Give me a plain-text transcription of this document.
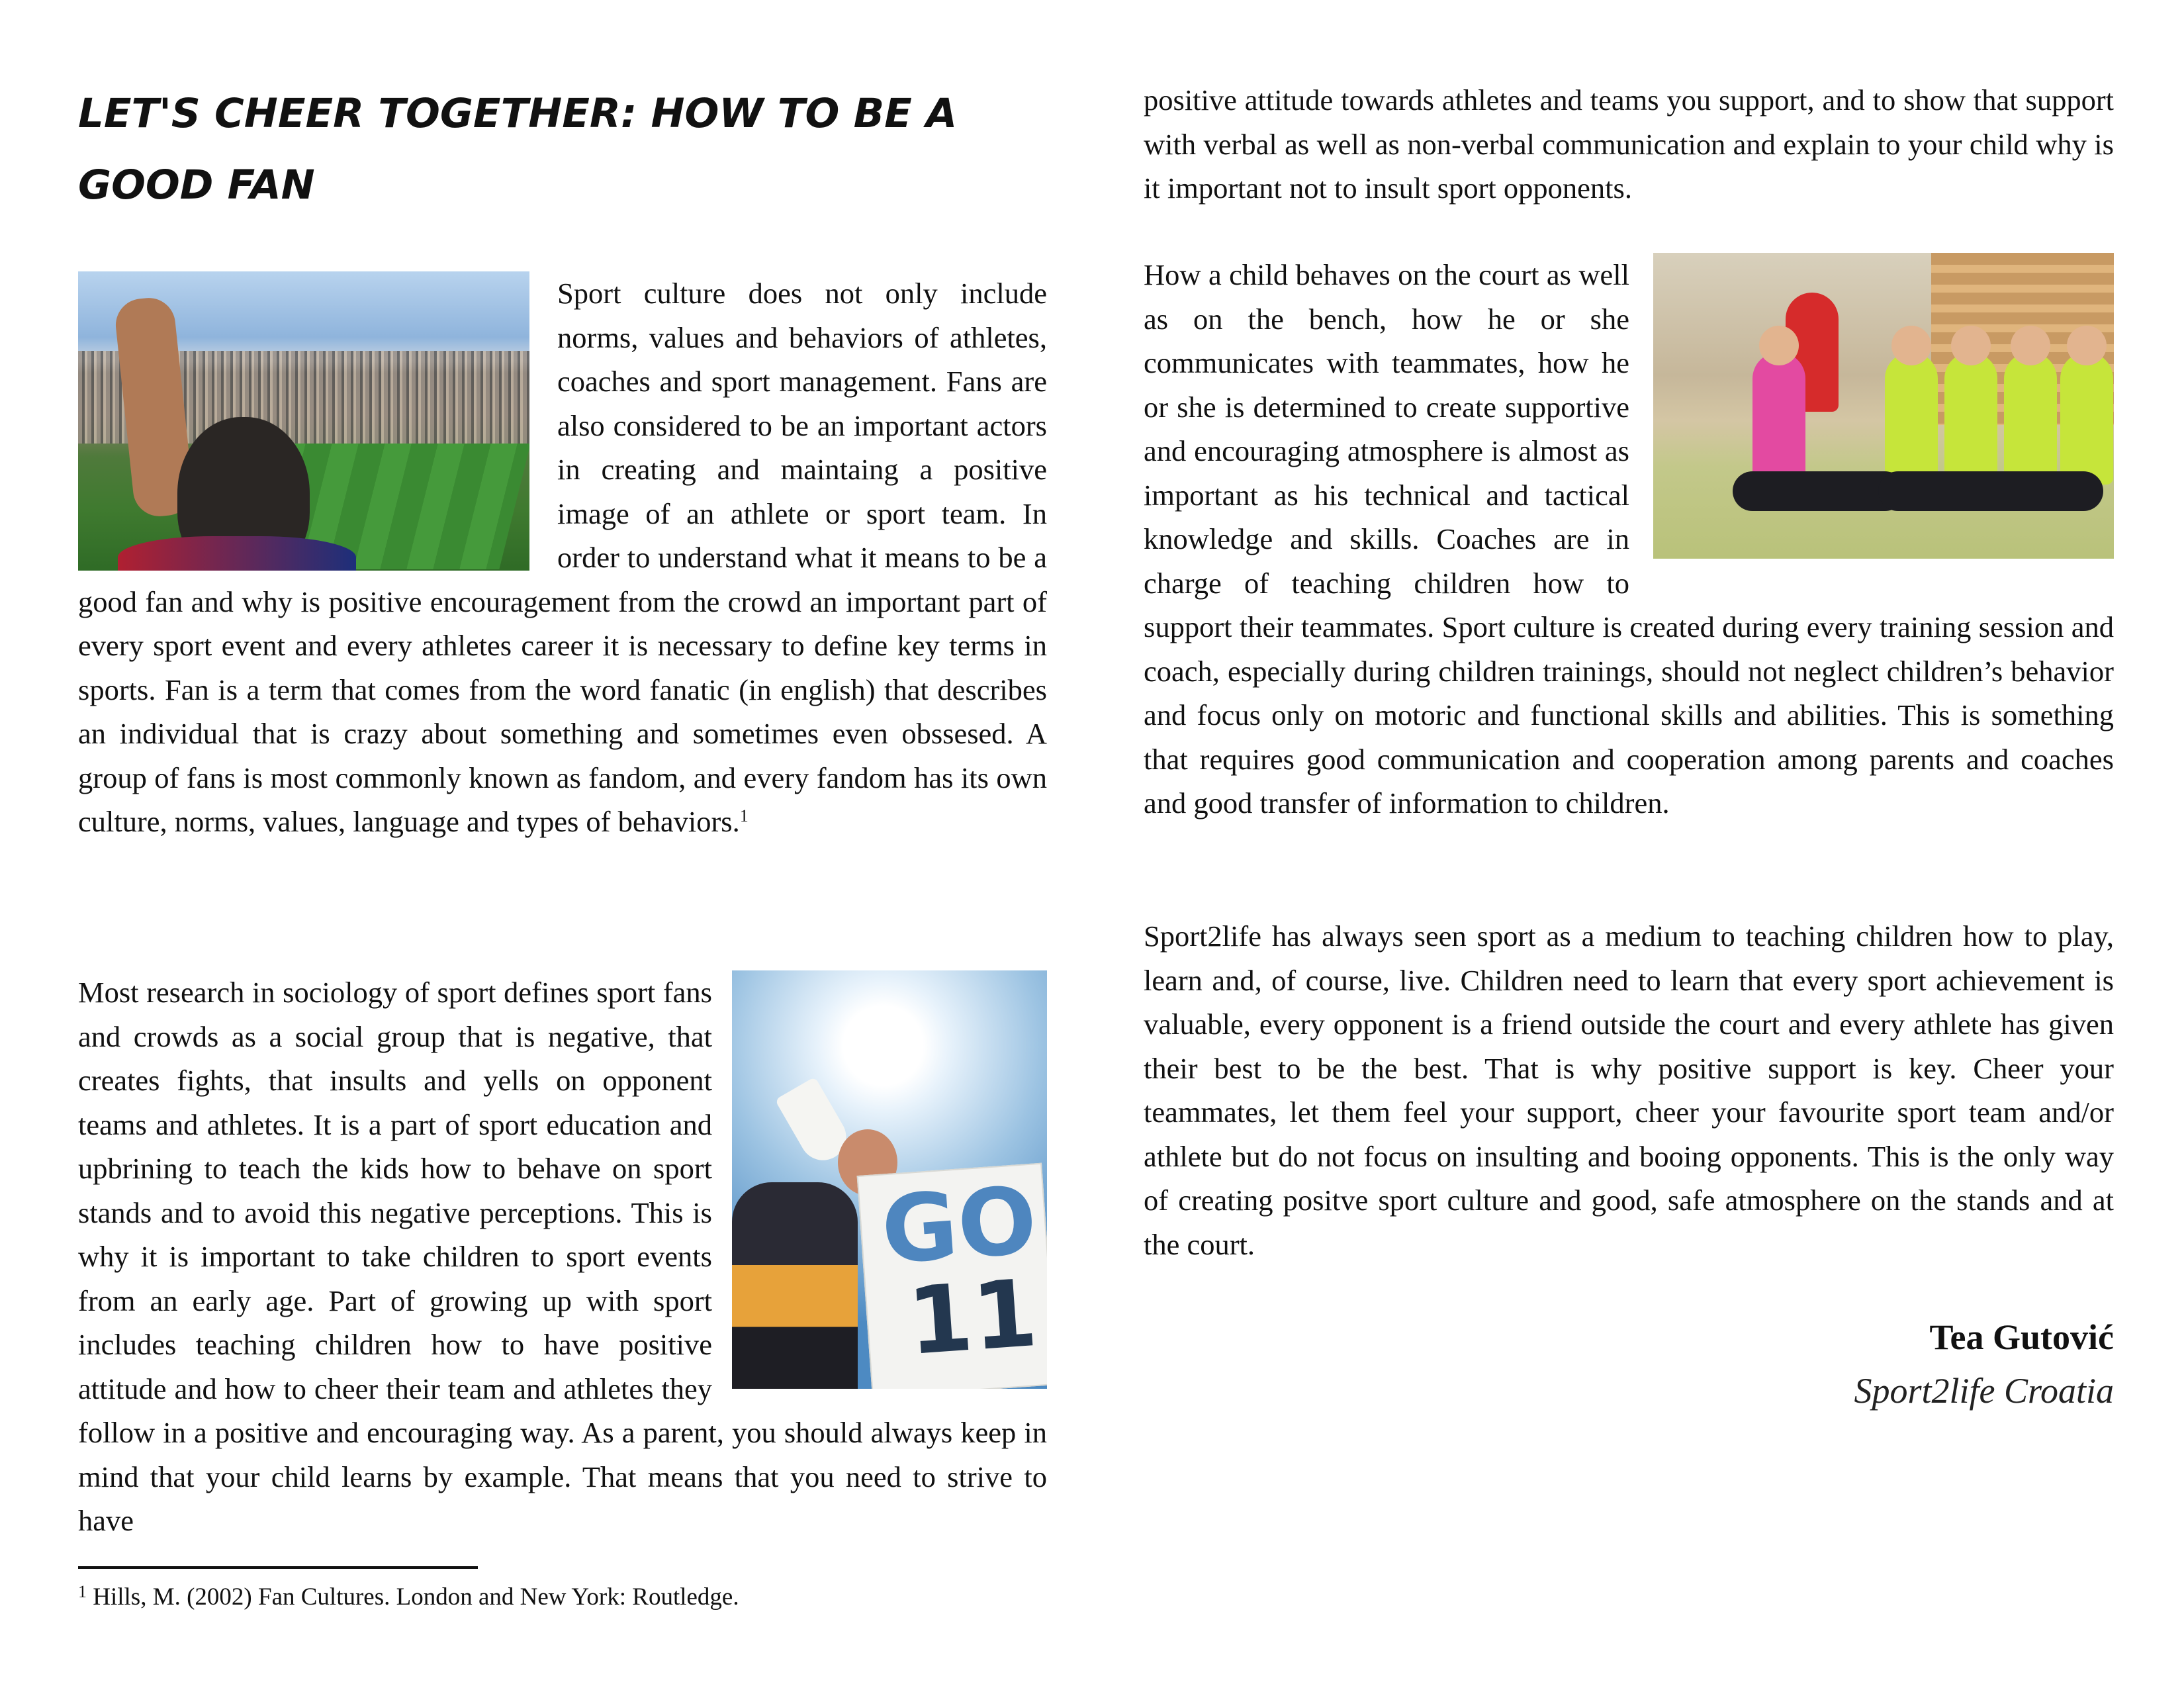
LET'S CHEER TOGETHER: HOW TO BE A GOOD FAN

Sport culture does not only include norms, values and behaviors of athletes, coaches and sport management. Fans are also considered to be an important actors in creating and maintaing a positive image of an athlete or sport team. In order to understand what it means to be a good fan and why is positive encouragement from the crowd an important part of every sport event and every athletes career it is necessary to define key terms in sports. Fan is a term that comes from the word fanatic (in english) that describes an individual that is crazy about something and sometimes even obssesed. A group of fans is most commonly known as fandom, and every fandom has its own culture, norms, values, language and types of behaviors.$^1$

GO
11

Most research in sociology of sport defines sport fans and crowds as a social group that is negative, that creates fights, that insults and yells on opponent teams and athletes. It is a part of sport education and upbrining to teach the kids how to behave on sport stands and to avoid this negative perceptions. This is why it is important to take children to sport events from an early age. Part of growing up with sport includes teaching children how to have positive attitude and how to cheer their team and athletes they follow in a positive and encouraging way. As a parent, you should always keep in mind that your child learns by example. That means that you need to strive to have

$^1$ Hills, M. (2002) Fan Cultures. London and New York: Routledge.

positive attitude towards athletes and teams you support, and to show that support with verbal as well as non-verbal communication and explain to your child why is it important not to insult sport opponents.

How a child behaves on the court as well as on the bench, how he or she communicates with teammates, how he or she is determined to create supportive and encouraging atmosphere is almost as important as his technical and tactical knowledge and skills. Coaches are in charge of teaching children how to support their teammates. Sport culture is created during every training session and coach, especially during children trainings, should not neglect children’s behavior and focus only on motoric and functional skills and abilities. This is something that requires good communication and cooperation among parents and coaches and good transfer of information to children.

Sport2life has always seen sport as a medium to teaching children how to play, learn and, of course, live. Children need to learn that every sport achievement is valuable, every opponent is a friend outside the court and every athlete has given their best to be the best. That is why positive support is key. Cheer your teammates, let them feel your support, cheer your favourite sport team and/or athlete but do not focus on insulting and booing opponents. This is the only way of creating positve sport culture and good, safe atmosphere on the stands and at the court.

Tea Gutović

Sport2life Croatia
